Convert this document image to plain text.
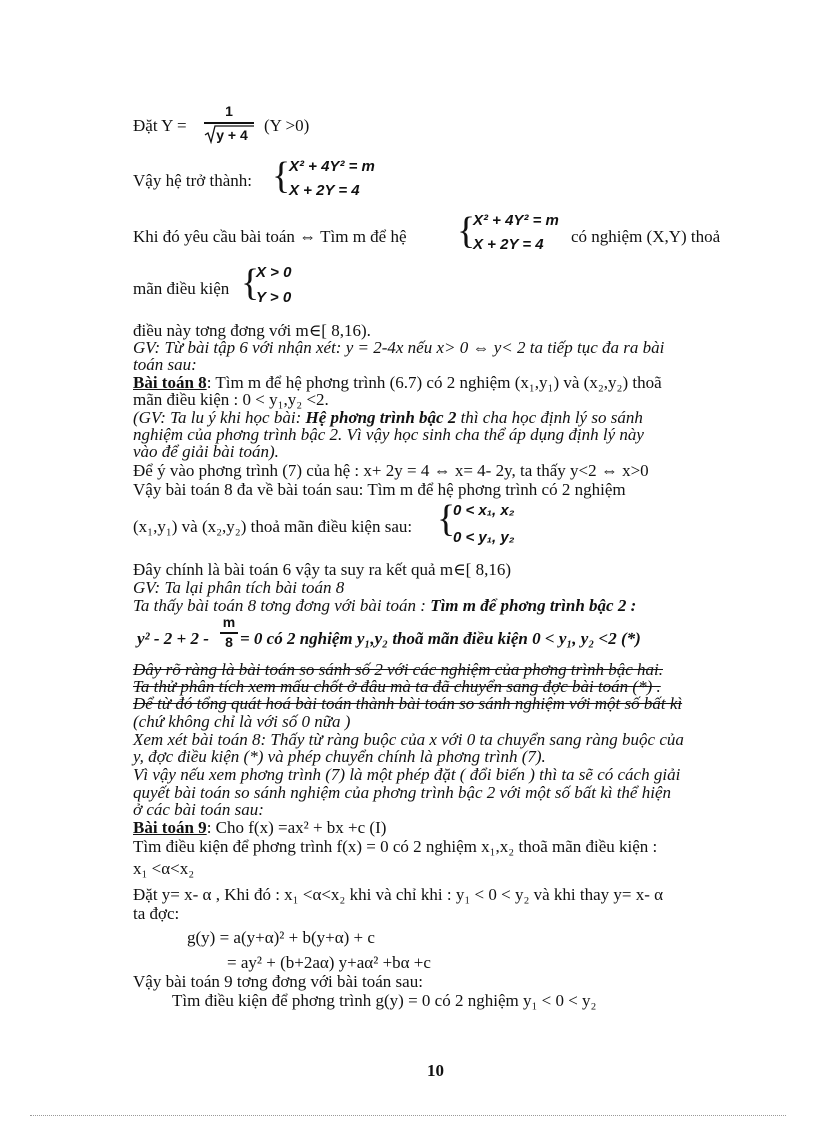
Đặt Y =
1
y + 4 (Y >0)
Vậy hệ trở thành: {
X² + 4Y² = m
X + 2Y = 4
Khi đó yêu cầu bài toán ⇔ Tìm m để hệ {
X² + 4Y² = m
X + 2Y = 4 có nghiệm (X,Y) thoả
mãn điều kiện {
X > 0
Y > 0
điều này tơng đơng với m∈[ 8,16).
GV: Từ bài tập 6 với nhận xét: y = 2-4x nếu x> 0 ⇔ y< 2 ta tiếp tục đa ra bài
toán sau:
Bài toán 8: Tìm m để hệ phơng trình (6.7) có 2 nghiệm (x₁,y₁) và (x₂,y₂) thoã
mãn điều kiện : 0 < y₁,y₂ <2.
(GV: Ta lu ý khi học bài: Hệ phơng trình bậc 2 thì cha học định lý so sánh
nghiệm của phơng trình bậc 2. Vì vậy học sinh cha thể áp dụng định lý này
vào để giải bài toán).
Để ý vào phơng trình (7) của hệ : x+ 2y = 4 ⇔ x= 4- 2y, ta thấy y<2 ⇔ x>0
Vậy bài toán 8 đa về bài toán sau: Tìm m để hệ phơng trình có 2 nghiệm
(x₁,y₁) và (x₂,y₂) thoả mãn điều kiện sau: {
0 < x₁, x₂
0 < y₁, y₂
Đây chính là bài toán 6 vậy ta suy ra kết quả m∈[ 8,16)
GV: Ta lại phân tích bài toán 8
Ta thấy bài toán 8 tơng đơng với bài toán : Tìm m để phơng trình bậc 2 :
y² - 2 + 2 -
m
8 = 0 có 2 nghiệm y₁,y₂ thoã mãn điều kiện 0 < y₁, y₂ <2 (*)
Đây rõ ràng là bài toán so sánh số 2 với các nghiệm của phơng trình bậc hai.
Ta thử phân tích xem mấu chốt ở đâu mà ta đã chuyển sang đợc bài toán (*) .
Để từ đó tổng quát hoá bài toán thành bài toán so sánh nghiệm với một số bất kì
(chứ không chỉ là với số 0 nữa )
Xem xét bài toán 8: Thấy từ ràng buộc của x với 0 ta chuyển sang ràng buộc của
y, đợc điều kiện (*) và phép chuyển chính là phơng trình (7).
Vì vậy nếu xem phơng trình (7) là một phép đặt ( đổi biến ) thì ta sẽ có cách giải
quyết bài toán so sánh nghiệm của phơng trình bậc 2 với một số bất kì thể hiện
ở các bài toán sau:
Bài toán 9: Cho f(x) =ax² + bx +c (I)
Tìm điều kiện để phơng trình f(x) = 0 có 2 nghiệm x₁,x₂ thoã mãn điều kiện :
x₁ <α<x₂
Đặt y= x- α , Khi đó : x₁ <α<x₂ khi và chỉ khi : y₁ < 0 < y₂ và khi thay y= x- α
ta đợc:
g(y) = a(y+α)² + b(y+α) + c
= ay² + (b+2aα) y+aα² +bα +c
Vậy bài toán 9 tơng đơng với bài toán sau:
Tìm điều kiện để phơng trình g(y) = 0 có 2 nghiệm y₁ < 0 < y₂
10
